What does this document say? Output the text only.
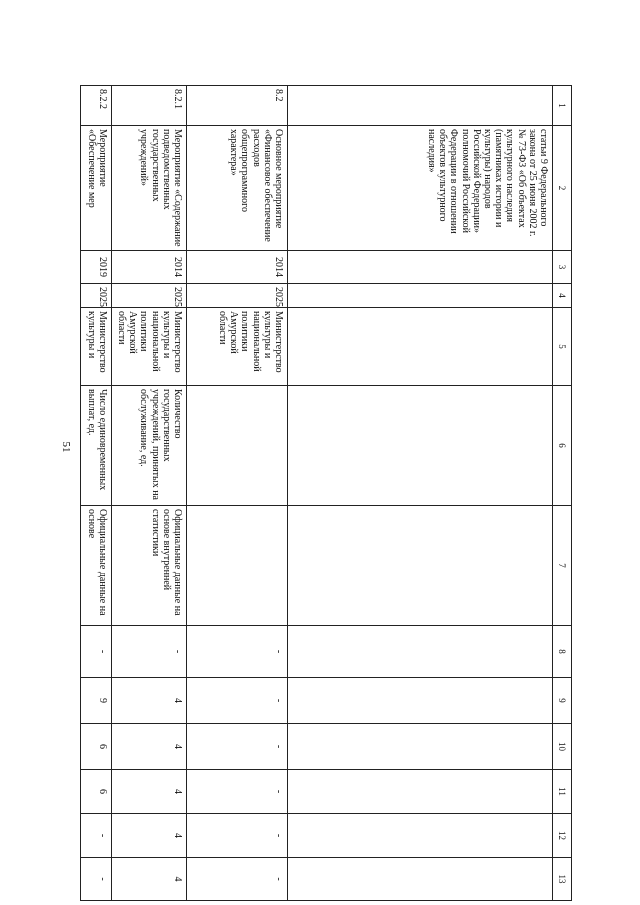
51
1	2	3	4	5	6	7	8	9	10	11	12	13
	статьи 9 Федерального закона от 25 июня 2002 г. № 73-ФЗ «Об объектах культурного наследия (памятниках истории и культуры) народов Российской Федерации» полномочий Российской Федерации в отношении объектов культурного наследия»											
8.2	Основное мероприятие «Финансовое обеспечение расходов общепрограммного характера»	2014	2025	Министерство культуры и национальной политики Амурской области			-	-	-	-	-	-
8.2.1	Мероприятие «Содержание подведомственных государственных учреждений»	2014	2025	Министерство культуры и национальной политики Амурской области	Количество государственных учреждений, принятых на обслуживание, ед.	Официальные данные на основе внутренней статистики	-	4	4	4	4	4
8.2.2	Мероприятие «Обеспечение мер	2019	2025	Министерство культуры и	Число единовременных выплат, ед.	Официальные данные на основе	-	9	6	6	-	-
